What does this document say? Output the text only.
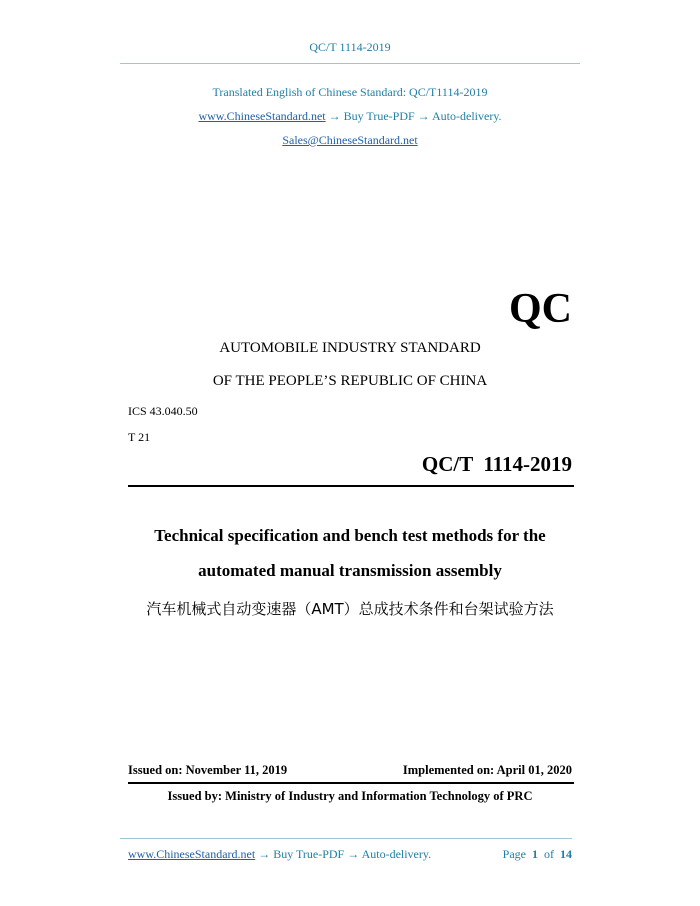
QC/T 1114-2019
Translated English of Chinese Standard: QC/T1114-2019
www.ChineseStandard.net → Buy True-PDF → Auto-delivery.
Sales@ChineseStandard.net
QC
AUTOMOBILE INDUSTRY STANDARD
OF THE PEOPLE’S REPUBLIC OF CHINA
ICS 43.040.50
T 21
QC/T  1114-2019
Technical specification and bench test methods for the
automated manual transmission assembly
汽车机械式自动变速器（AMT）总成技术条件和台架试验方法
Issued on: November 11, 2019	Implemented on: April 01, 2020
Issued by: Ministry of Industry and Information Technology of PRC
www.ChineseStandard.net → Buy True-PDF → Auto-delivery.	Page 1 of 14
